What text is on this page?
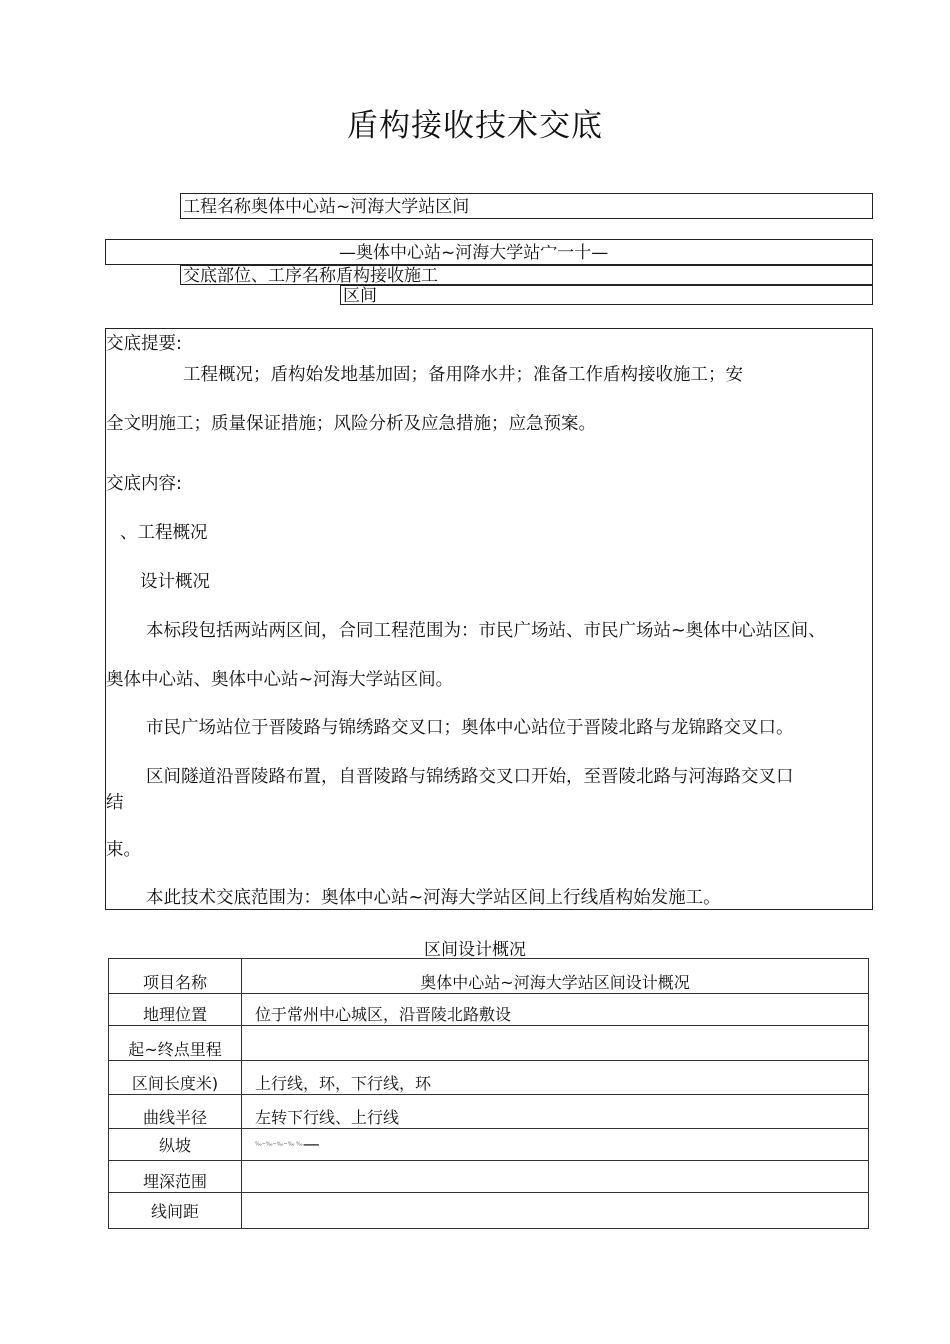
盾构接收技术交底
工程名称奥体中心站~河海大学站区间
—奥体中心站~河海大学站宀一十—
交底部位、工序名称盾构接收施工
区间
交底提要:
工程概况；盾构始发地基加固；备用降水井；准备工作盾构接收施工；安
全文明施工；质量保证措施；风险分析及应急措施；应急预案。
交底内容:
、工程概况
设计概况
本标段包括两站两区间，合同工程范围为：市民广场站、市民广场站~奥体中心站区间、
奥体中心站、奥体中心站~河海大学站区间。
市民广场站位于晋陵路与锦绣路交叉口；奥体中心站位于晋陵北路与龙锦路交叉口。
区间隧道沿晋陵路布置，自晋陵路与锦绣路交叉口开始，至晋陵北路与河海路交叉口
结
束。
本此技术交底范围为：奥体中心站~河海大学站区间上行线盾构始发施工。
区间设计概况
项目名称	奥体中心站~河海大学站区间设计概况
地理位置	位于常州中心城区，沿晋陵北路敷设
起~终点里程	
区间长度米)	上行线，环，下行线，环
曲线半径	左转下行线、上行线
纵坡	‰~‰~‰~‰ ‰—
埋深范围	
线间距	
